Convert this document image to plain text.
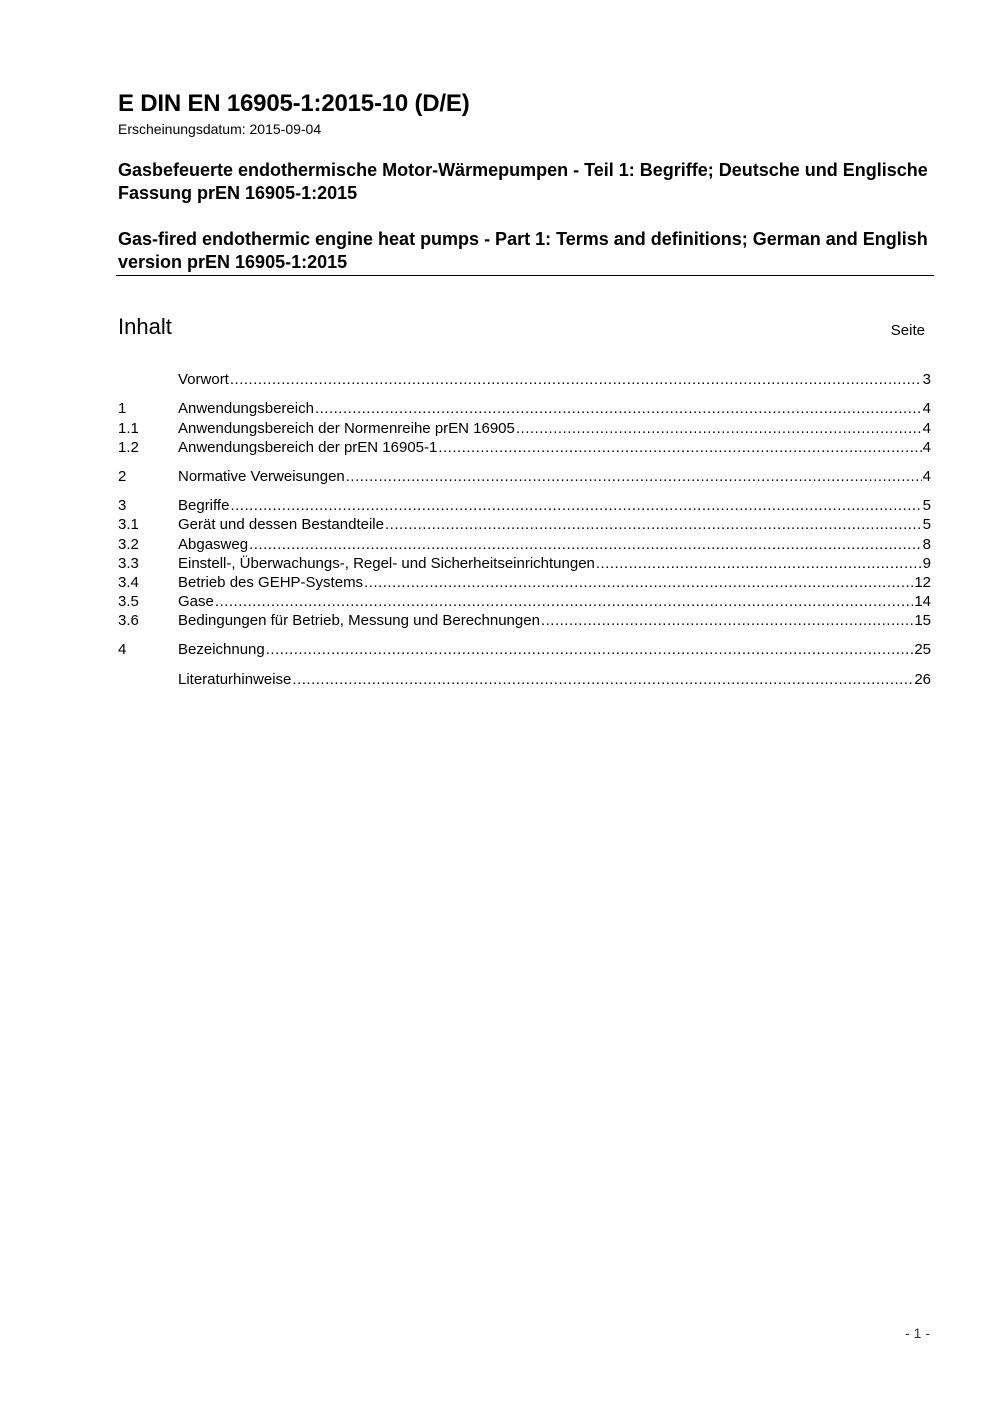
E DIN EN 16905-1:2015-10 (D/E)
Erscheinungsdatum: 2015-09-04
Gasbefeuerte endothermische Motor-Wärmepumpen - Teil 1: Begriffe; Deutsche und Englische Fassung prEN 16905-1:2015
Gas-fired endothermic engine heat pumps - Part 1: Terms and definitions; German and English version prEN 16905-1:2015
Inhalt	Seite
Vorwort .....	3
1	Anwendungsbereich .....	4
1.1	Anwendungsbereich der Normenreihe prEN 16905 .....	4
1.2	Anwendungsbereich der prEN 16905-1 .....	4
2	Normative Verweisungen .....	4
3	Begriffe .....	5
3.1	Gerät und dessen Bestandteile .....	5
3.2	Abgasweg .....	8
3.3	Einstell-, Überwachungs-, Regel- und Sicherheitseinrichtungen .....	9
3.4	Betrieb des GEHP-Systems .....	12
3.5	Gase .....	14
3.6	Bedingungen für Betrieb, Messung und Berechnungen .....	15
4	Bezeichnung .....	25
Literaturhinweise .....	26
- 1 -
